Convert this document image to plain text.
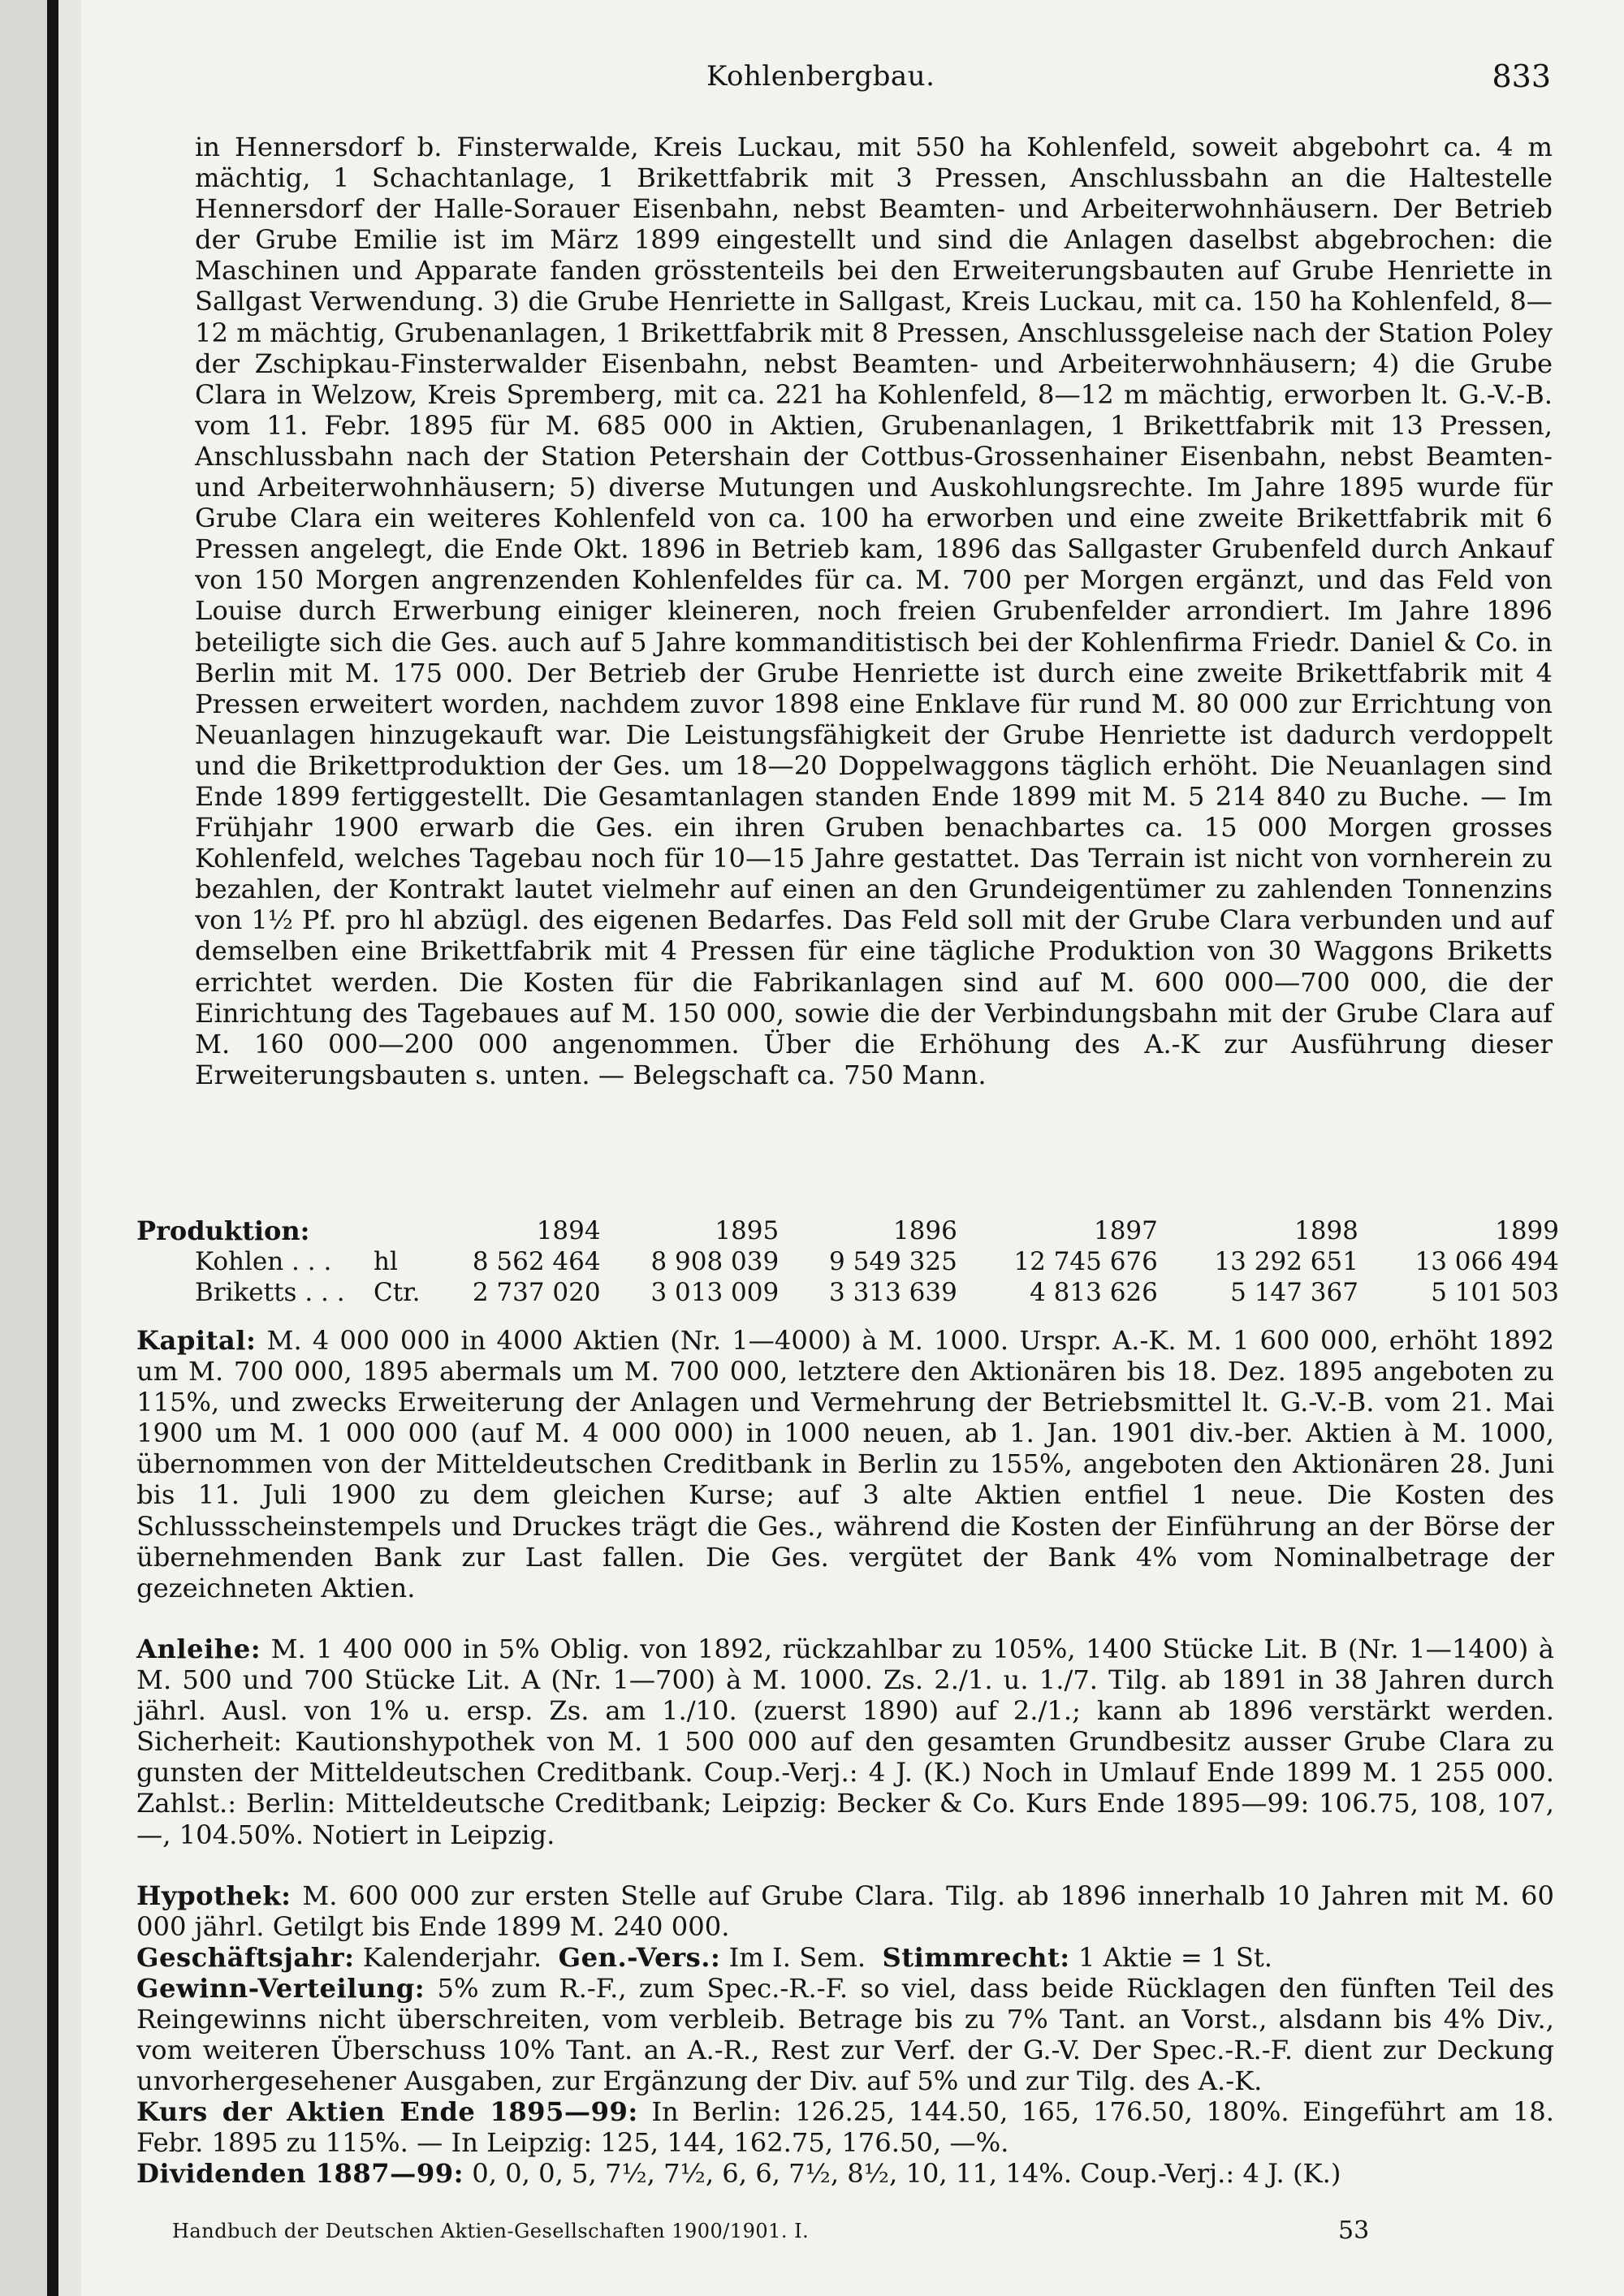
Kohlenbergbau.	833

in Hennersdorf b. Finsterwalde, Kreis Luckau, mit 550 ha Kohlenfeld, soweit abgebohrt ca. 4 m mächtig, 1 Schachtanlage, 1 Brikettfabrik mit 3 Pressen, Anschlussbahn an die Haltestelle Hennersdorf der Halle-Sorauer Eisenbahn, nebst Beamten- und Arbeiterwohnhäusern. Der Betrieb der Grube Emilie ist im März 1899 eingestellt und sind die Anlagen daselbst abgebrochen: die Maschinen und Apparate fanden grösstenteils bei den Erweiterungsbauten auf Grube Henriette in Sallgast Verwendung. 3) die Grube Henriette in Sallgast, Kreis Luckau, mit ca. 150 ha Kohlenfeld, 8—12 m mächtig, Grubenanlagen, 1 Brikettfabrik mit 8 Pressen, Anschlussgeleise nach der Station Poley der Zschipkau-Finsterwalder Eisenbahn, nebst Beamten- und Arbeiterwohnhäusern; 4) die Grube Clara in Welzow, Kreis Spremberg, mit ca. 221 ha Kohlenfeld, 8—12 m mächtig, erworben lt. G.-V.-B. vom 11. Febr. 1895 für M. 685 000 in Aktien, Grubenanlagen, 1 Brikettfabrik mit 13 Pressen, Anschlussbahn nach der Station Petershain der Cottbus-Grossenhainer Eisenbahn, nebst Beamten- und Arbeiterwohnhäusern; 5) diverse Mutungen und Auskohlungsrechte. Im Jahre 1895 wurde für Grube Clara ein weiteres Kohlenfeld von ca. 100 ha erworben und eine zweite Brikettfabrik mit 6 Pressen angelegt, die Ende Okt. 1896 in Betrieb kam, 1896 das Sallgaster Grubenfeld durch Ankauf von 150 Morgen angrenzenden Kohlenfeldes für ca. M. 700 per Morgen ergänzt, und das Feld von Louise durch Erwerbung einiger kleineren, noch freien Grubenfelder arrondiert. Im Jahre 1896 beteiligte sich die Ges. auch auf 5 Jahre kommanditistisch bei der Kohlenfirma Friedr. Daniel & Co. in Berlin mit M. 175 000. Der Betrieb der Grube Henriette ist durch eine zweite Brikettfabrik mit 4 Pressen erweitert worden, nachdem zuvor 1898 eine Enklave für rund M. 80 000 zur Errichtung von Neuanlagen hinzugekauft war. Die Leistungsfähigkeit der Grube Henriette ist dadurch verdoppelt und die Brikettproduktion der Ges. um 18—20 Doppelwaggons täglich erhöht. Die Neuanlagen sind Ende 1899 fertiggestellt. Die Gesamtanlagen standen Ende 1899 mit M. 5 214 840 zu Buche. — Im Frühjahr 1900 erwarb die Ges. ein ihren Gruben benachbartes ca. 15 000 Morgen grosses Kohlenfeld, welches Tagebau noch für 10—15 Jahre gestattet. Das Terrain ist nicht von vornherein zu bezahlen, der Kontrakt lautet vielmehr auf einen an den Grundeigentümer zu zahlenden Tonnenzins von 1½ Pf. pro hl abzügl. des eigenen Bedarfes. Das Feld soll mit der Grube Clara verbunden und auf demselben eine Brikettfabrik mit 4 Pressen für eine tägliche Produktion von 30 Waggons Briketts errichtet werden. Die Kosten für die Fabrikanlagen sind auf M. 600 000—700 000, die der Einrichtung des Tagebaues auf M. 150 000, sowie die der Verbindungsbahn mit der Grube Clara auf M. 160 000—200 000 angenommen. Über die Erhöhung des A.-K zur Ausführung dieser Erweiterungsbauten s. unten. — Belegschaft ca. 750 Mann.

Produktion:
			1894	1895	1896	1897	1898	1899
Kohlen . . .	hl	8 562 464	8 908 039	9 549 325	12 745 676	13 292 651	13 066 494
Briketts . . .	Ctr.	2 737 020	3 013 009	3 313 639	4 813 626	5 147 367	5 101 503

Kapital: M. 4 000 000 in 4000 Aktien (Nr. 1—4000) à M. 1000. Urspr. A.-K. M. 1 600 000, erhöht 1892 um M. 700 000, 1895 abermals um M. 700 000, letztere den Aktionären bis 18. Dez. 1895 angeboten zu 115%, und zwecks Erweiterung der Anlagen und Vermehrung der Betriebsmittel lt. G.-V.-B. vom 21. Mai 1900 um M. 1 000 000 (auf M. 4 000 000) in 1000 neuen, ab 1. Jan. 1901 div.-ber. Aktien à M. 1000, übernommen von der Mitteldeutschen Creditbank in Berlin zu 155%, angeboten den Aktionären 28. Juni bis 11. Juli 1900 zu dem gleichen Kurse; auf 3 alte Aktien entfiel 1 neue. Die Kosten des Schlussscheinstempels und Druckes trägt die Ges., während die Kosten der Einführung an der Börse der übernehmenden Bank zur Last fallen. Die Ges. vergütet der Bank 4% vom Nominalbetrage der gezeichneten Aktien.

Anleihe: M. 1 400 000 in 5% Oblig. von 1892, rückzahlbar zu 105%, 1400 Stücke Lit. B (Nr. 1—1400) à M. 500 und 700 Stücke Lit. A (Nr. 1—700) à M. 1000. Zs. 2./1. u. 1./7. Tilg. ab 1891 in 38 Jahren durch jährl. Ausl. von 1% u. ersp. Zs. am 1./10. (zuerst 1890) auf 2./1.; kann ab 1896 verstärkt werden. Sicherheit: Kautionshypothek von M. 1 500 000 auf den gesamten Grundbesitz ausser Grube Clara zu gunsten der Mitteldeutschen Creditbank. Coup.-Verj.: 4 J. (K.) Noch in Umlauf Ende 1899 M. 1 255 000. Zahlst.: Berlin: Mitteldeutsche Creditbank; Leipzig: Becker & Co. Kurs Ende 1895—99: 106.75, 108, 107, —, 104.50%. Notiert in Leipzig.

Hypothek: M. 600 000 zur ersten Stelle auf Grube Clara. Tilg. ab 1896 innerhalb 10 Jahren mit M. 60 000 jährl. Getilgt bis Ende 1899 M. 240 000.

Geschäftsjahr: Kalenderjahr. Gen.-Vers.: Im I. Sem. Stimmrecht: 1 Aktie = 1 St.

Gewinn-Verteilung: 5% zum R.-F., zum Spec.-R.-F. so viel, dass beide Rücklagen den fünften Teil des Reingewinns nicht überschreiten, vom verbleib. Betrage bis zu 7% Tant. an Vorst., alsdann bis 4% Div., vom weiteren Überschuss 10% Tant. an A.-R., Rest zur Verf. der G.-V. Der Spec.-R.-F. dient zur Deckung unvorhergesehener Ausgaben, zur Ergänzung der Div. auf 5% und zur Tilg. des A.-K.

Kurs der Aktien Ende 1895—99: In Berlin: 126.25, 144.50, 165, 176.50, 180%. Eingeführt am 18. Febr. 1895 zu 115%. — In Leipzig: 125, 144, 162.75, 176.50, —%.

Dividenden 1887—99: 0, 0, 0, 5, 7½, 7½, 6, 6, 7½, 8½, 10, 11, 14%. Coup.-Verj.: 4 J. (K.)

Handbuch der Deutschen Aktien-Gesellschaften 1900/1901. I.	53
